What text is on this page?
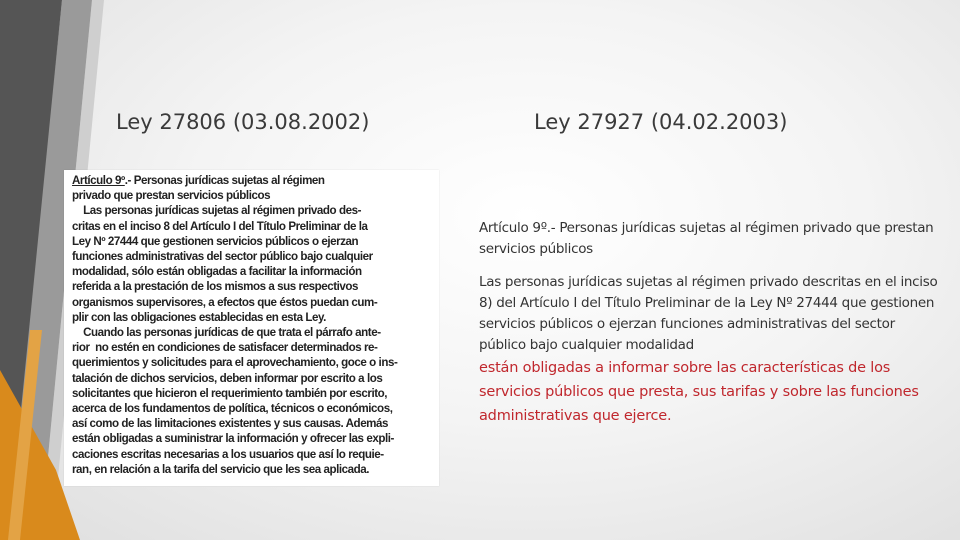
Ley 27806 (03.08.2002)	Ley 27927 (04.02.2003)
Artículo 9º.- Personas jurídicas sujetas al régimen
privado que prestan servicios públicos
Las personas jurídicas sujetas al régimen privado des-
critas en el inciso 8 del Artículo I del Título Preliminar de la
Ley Nº 27444 que gestionen servicios públicos o ejerzan
funciones administrativas del sector público bajo cualquier
modalidad, sólo están obligadas a facilitar la información
referida a la prestación de los mismos a sus respectivos
organismos supervisores, a efectos que éstos puedan cum-
plir con las obligaciones establecidas en esta Ley.
Cuando las personas jurídicas de que trata el párrafo ante-
rior  no estén en condiciones de satisfacer determinados re-
querimientos y solicitudes para el aprovechamiento, goce o ins-
talación de dichos servicios, deben informar por escrito a los
solicitantes que hicieron el requerimiento también por escrito,
acerca de los fundamentos de política, técnicos o económicos,
así como de las limitaciones existentes y sus causas. Además
están obligadas a suministrar la información y ofrecer las expli-
caciones escritas necesarias a los usuarios que así lo requie-
ran, en relación a la tarifa del servicio que les sea aplicada.

Artículo 9º.- Personas jurídicas sujetas al régimen privado que prestan servicios públicos

Las personas jurídicas sujetas al régimen privado descritas en el inciso 8) del Artículo I del Título Preliminar de la Ley Nº 27444 que gestionen servicios públicos o ejerzan funciones administrativas del sector público bajo cualquier modalidad
están obligadas a informar sobre las características de los servicios públicos que presta, sus tarifas y sobre las funciones administrativas que ejerce.
